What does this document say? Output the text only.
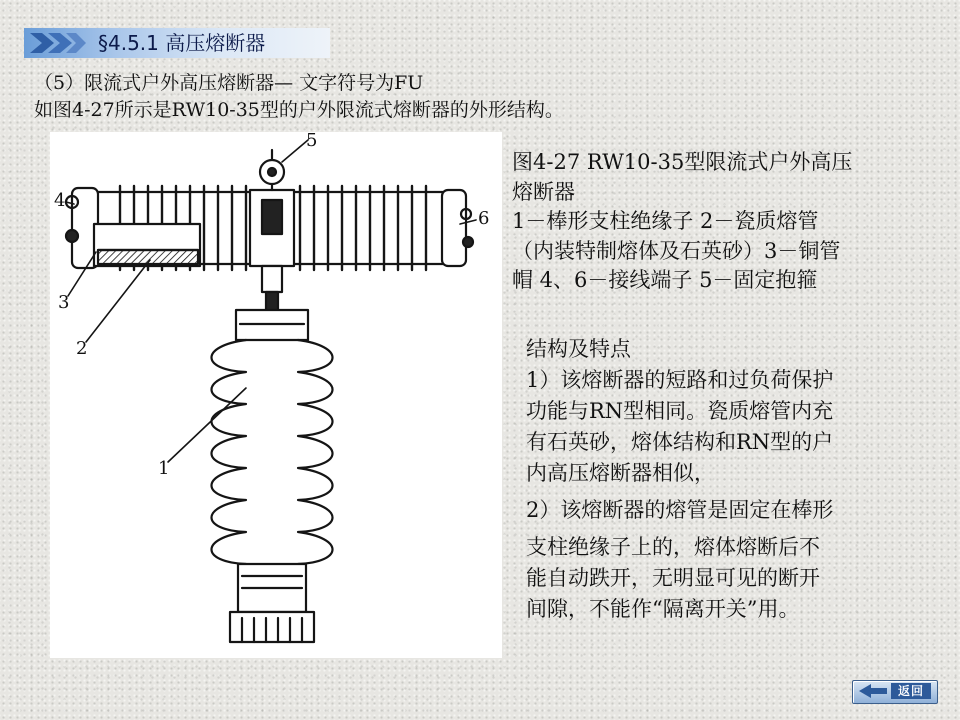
§4.5.1 高压熔断器

（5）限流式户外高压熔断器— 文字符号为FU

如图4-27所示是RW10-35型的户外限流式熔断器的外形结构。

5
4
6
3
2
1

图4-27 RW10-35型限流式户外高压

熔断器

1－棒形支柱绝缘子 2－瓷质熔管

（内装特制熔体及石英砂）3－铜管

帽 4、6－接线端子 5－固定抱箍

结构及特点

1）该熔断器的短路和过负荷保护

功能与RN型相同。瓷质熔管内充

有石英砂，熔体结构和RN型的户

内高压熔断器相似，

2）该熔断器的熔管是固定在棒形

支柱绝缘子上的，熔体熔断后不

能自动跌开，无明显可见的断开

间隙，不能作“隔离开关”用。

返回
